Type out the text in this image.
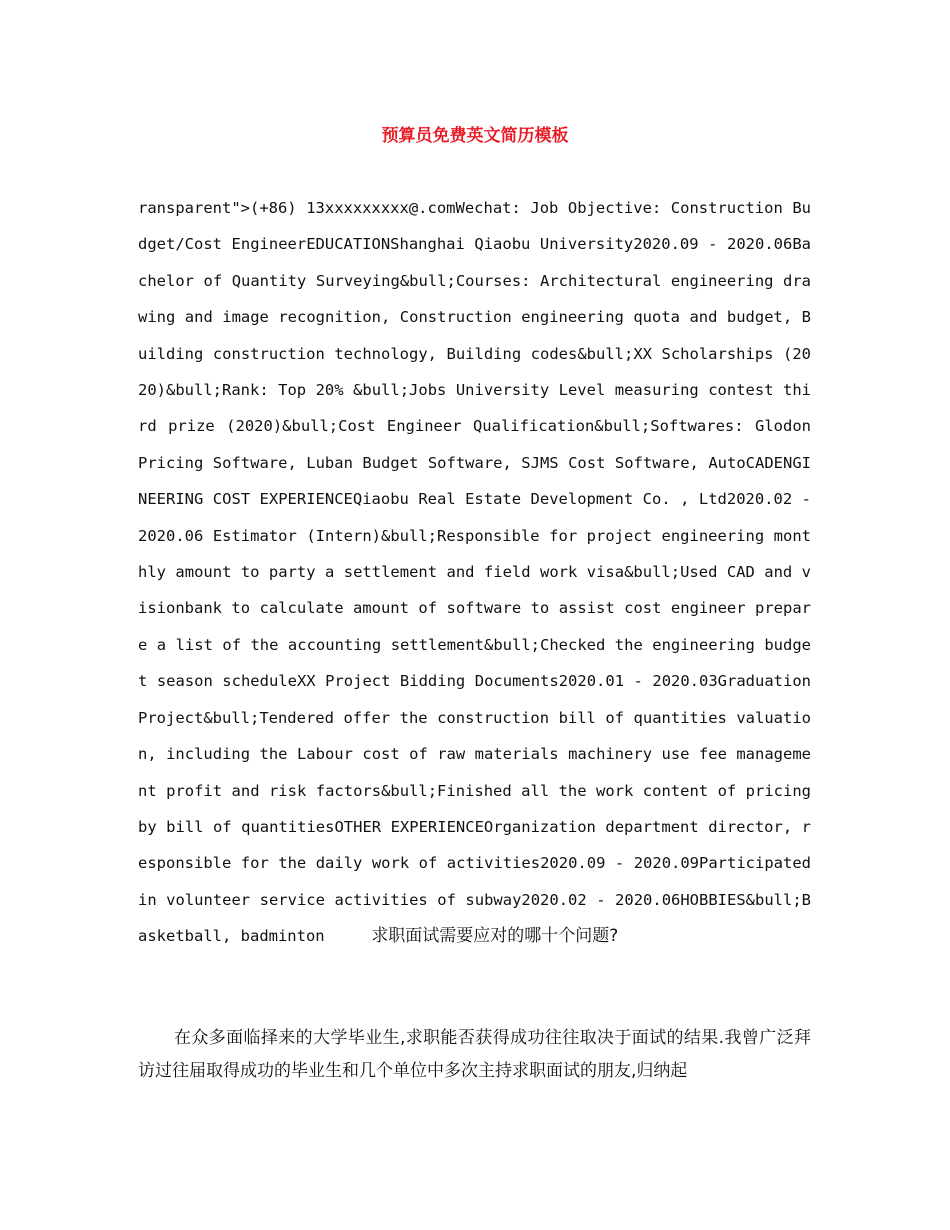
预算员免费英文简历模板

ransparent">(+86) 13xxxxxxxxx@.comWechat: Job Objective: Construction Budget/Cost EngineerEDUCATIONShanghai Qiaobu University2020.09 - 2020.06Bachelor of Quantity Surveying&bull;Courses: Architectural engineering drawing and image recognition, Construction engineering quota and budget, Building construction technology, Building codes&bull;XX Scholarships (2020)&bull;Rank: Top 20% &bull;Jobs University Level measuring contest third prize (2020)&bull;Cost Engineer Qualification&bull;Softwares: Glodon Pricing Software, Luban Budget Software, SJMS Cost Software, AutoCADENGINEERING COST EXPERIENCEQiaobu Real Estate Development Co. , Ltd2020.02 - 2020.06 Estimator (Intern)&bull;Responsible for project engineering monthly amount to party a settlement and field work visa&bull;Used CAD and visionbank to calculate amount of software to assist cost engineer prepare a list of the accounting settlement&bull;Checked the engineering budget season scheduleXX Project Bidding Documents2020.01 - 2020.03Graduation Project&bull;Tendered offer the construction bill of quantities valuation, including the Labour cost of raw materials machinery use fee management profit and risk factors&bull;Finished all the work content of pricing by bill of quantitiesOTHER EXPERIENCEOrganization department director, responsible for the daily work of activities2020.09 - 2020.09Participated in volunteer service activities of subway2020.02 - 2020.06HOBBIES&bull;Basketball, badminton	求职面试需要应对的哪十个问题?

在众多面临择来的大学毕业生,求职能否获得成功往往取决于面试的结果.我曾广泛拜访过往届取得成功的毕业生和几个单位中多次主持求职面试的朋友,归纳起
